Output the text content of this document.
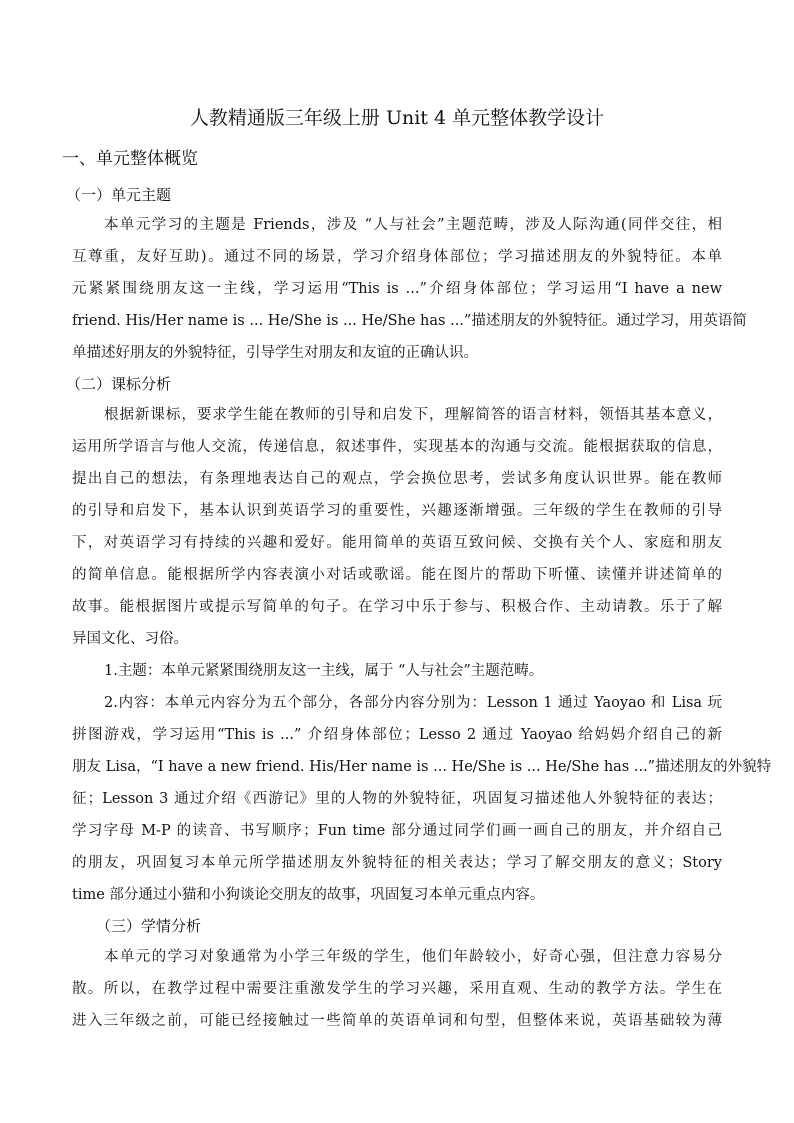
人教精通版三年级上册 Unit 4 单元整体教学设计
一、单元整体概览
（一）单元主题
本单元学习的主题是 Friends，涉及 “人与社会”主题范畴，涉及人际沟通(同伴交往，相
互尊重，友好互助)。通过不同的场景，学习介绍身体部位；学习描述朋友的外貌特征。本单
元紧紧围绕朋友这一主线，学习运用“This is ...”介绍身体部位；学习运用“I have a new
friend. His/Her name is ... He/She is ... He/She has ...”描述朋友的外貌特征。通过学习，用英语简
单描述好朋友的外貌特征，引导学生对朋友和友谊的正确认识。
（二）课标分析
根据新课标，要求学生能在教师的引导和启发下，理解简答的语言材料，领悟其基本意义，
运用所学语言与他人交流，传递信息，叙述事件，实现基本的沟通与交流。能根据获取的信息，
提出自己的想法，有条理地表达自己的观点，学会换位思考，尝试多角度认识世界。能在教师
的引导和启发下，基本认识到英语学习的重要性，兴趣逐渐增强。三年级的学生在教师的引导
下，对英语学习有持续的兴趣和爱好。能用简单的英语互致问候、交换有关个人、家庭和朋友
的简单信息。能根据所学内容表演小对话或歌谣。能在图片的帮助下听懂、读懂并讲述简单的
故事。能根据图片或提示写简单的句子。在学习中乐于参与、积极合作、主动请教。乐于了解
异国文化、习俗。
1.主题：本单元紧紧围绕朋友这一主线，属于 “人与社会”主题范畴。
2.内容：本单元内容分为五个部分，各部分内容分别为：Lesson 1 通过 Yaoyao 和 Lisa 玩
拼图游戏，学习运用“This is ...” 介绍身体部位；Lesso 2 通过 Yaoyao 给妈妈介绍自己的新
朋友 Lisa，“I have a new friend. His/Her name is ... He/She is ... He/She has ...”描述朋友的外貌特
征；Lesson 3 通过介绍《西游记》里的人物的外貌特征，巩固复习描述他人外貌特征的表达；
学习字母 M-P 的读音、书写顺序；Fun time 部分通过同学们画一画自己的朋友，并介绍自己
的朋友，巩固复习本单元所学描述朋友外貌特征的相关表达；学习了解交朋友的意义；Story
time 部分通过小猫和小狗谈论交朋友的故事，巩固复习本单元重点内容。
（三）学情分析
本单元的学习对象通常为小学三年级的学生，他们年龄较小，好奇心强，但注意力容易分
散。所以，在教学过程中需要注重激发学生的学习兴趣，采用直观、生动的教学方法。学生在
进入三年级之前，可能已经接触过一些简单的英语单词和句型，但整体来说，英语基础较为薄
